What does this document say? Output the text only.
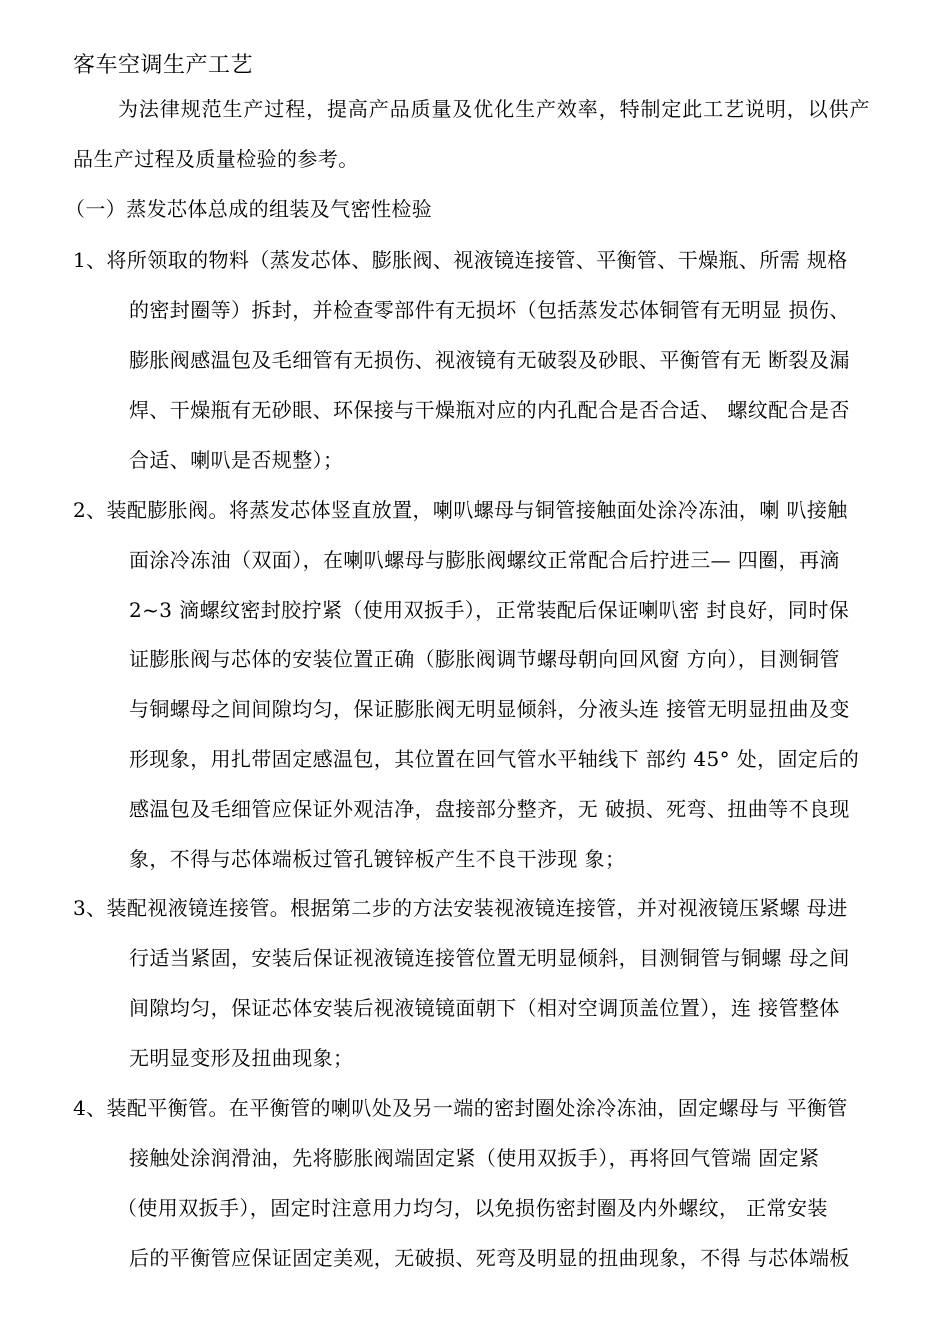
客车空调生产工艺
为法律规范生产过程，提高产品质量及优化生产效率，特制定此工艺说明，以供产
品生产过程及质量检验的参考。
（一）蒸发芯体总成的组装及气密性检验
1、将所领取的物料（蒸发芯体、膨胀阀、视液镜连接管、平衡管、干燥瓶、所需 规格
的密封圈等）拆封，并检查零部件有无损坏（包括蒸发芯体铜管有无明显 损伤、
膨胀阀感温包及毛细管有无损伤、视液镜有无破裂及砂眼、平衡管有无 断裂及漏
焊、干燥瓶有无砂眼、环保接与干燥瓶对应的内孔配合是否合适、 螺纹配合是否
合适、喇叭是否规整）；
2、装配膨胀阀。将蒸发芯体竖直放置，喇叭螺母与铜管接触面处涂冷冻油，喇 叭接触
面涂冷冻油（双面），在喇叭螺母与膨胀阀螺纹正常配合后拧进三— 四圈，再滴
2~3 滴螺纹密封胶拧紧（使用双扳手），正常装配后保证喇叭密 封良好，同时保
证膨胀阀与芯体的安装位置正确（膨胀阀调节螺母朝向回风窗 方向），目测铜管
与铜螺母之间间隙均匀，保证膨胀阀无明显倾斜，分液头连 接管无明显扭曲及变
形现象，用扎带固定感温包，其位置在回气管水平轴线下 部约 45° 处，固定后的
感温包及毛细管应保证外观洁净，盘接部分整齐，无 破损、死弯、扭曲等不良现
象，不得与芯体端板过管孔镀锌板产生不良干涉现 象；
3、装配视液镜连接管。根据第二步的方法安装视液镜连接管，并对视液镜压紧螺 母进
行适当紧固，安装后保证视液镜连接管位置无明显倾斜，目测铜管与铜螺 母之间
间隙均匀，保证芯体安装后视液镜镜面朝下（相对空调顶盖位置），连 接管整体
无明显变形及扭曲现象；
4、装配平衡管。在平衡管的喇叭处及另一端的密封圈处涂冷冻油，固定螺母与 平衡管
接触处涂润滑油，先将膨胀阀端固定紧（使用双扳手），再将回气管端 固定紧
（使用双扳手），固定时注意用力均匀，以免损伤密封圈及内外螺纹， 正常安装
后的平衡管应保证固定美观，无破损、死弯及明显的扭曲现象，不得 与芯体端板
